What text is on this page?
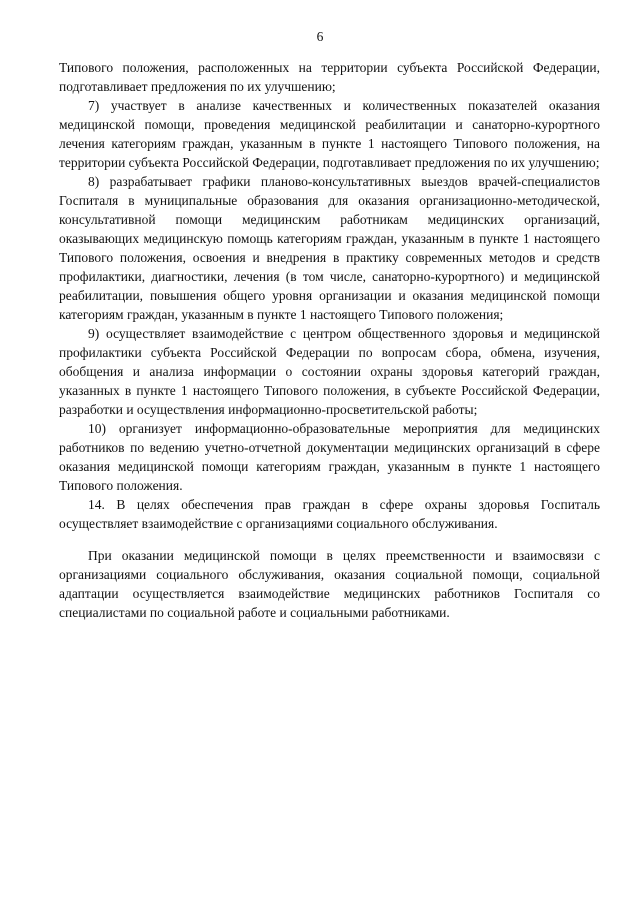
6

Типового положения, расположенных на территории субъекта Российской Федерации, подготавливает предложения по их улучшению;

7) участвует в анализе качественных и количественных показателей оказания медицинской помощи, проведения медицинской реабилитации и санаторно-курортного лечения категориям граждан, указанным в пункте 1 настоящего Типового положения, на территории субъекта Российской Федерации, подготавливает предложения по их улучшению;

8) разрабатывает графики планово-консультативных выездов врачей-специалистов Госпиталя в муниципальные образования для оказания организационно-методической, консультативной помощи медицинским работникам медицинских организаций, оказывающих медицинскую помощь категориям граждан, указанным в пункте 1 настоящего Типового положения, освоения и внедрения в практику современных методов и средств профилактики, диагностики, лечения (в том числе, санаторно-курортного) и медицинской реабилитации, повышения общего уровня организации и оказания медицинской помощи категориям граждан, указанным в пункте 1 настоящего Типового положения;

9) осуществляет взаимодействие с центром общественного здоровья и медицинской профилактики субъекта Российской Федерации по вопросам сбора, обмена, изучения, обобщения и анализа информации о состоянии охраны здоровья категорий граждан, указанных в пункте 1 настоящего Типового положения, в субъекте Российской Федерации, разработки и осуществления информационно-просветительской работы;

10) организует информационно-образовательные мероприятия для медицинских работников по ведению учетно-отчетной документации медицинских организаций в сфере оказания медицинской помощи категориям граждан, указанным в пункте 1 настоящего Типового положения.

14. В целях обеспечения прав граждан в сфере охраны здоровья Госпиталь осуществляет взаимодействие с организациями социального обслуживания.

При оказании медицинской помощи в целях преемственности и взаимосвязи с организациями социального обслуживания, оказания социальной помощи, социальной адаптации осуществляется взаимодействие медицинских работников Госпиталя со специалистами по социальной работе и социальными работниками.
